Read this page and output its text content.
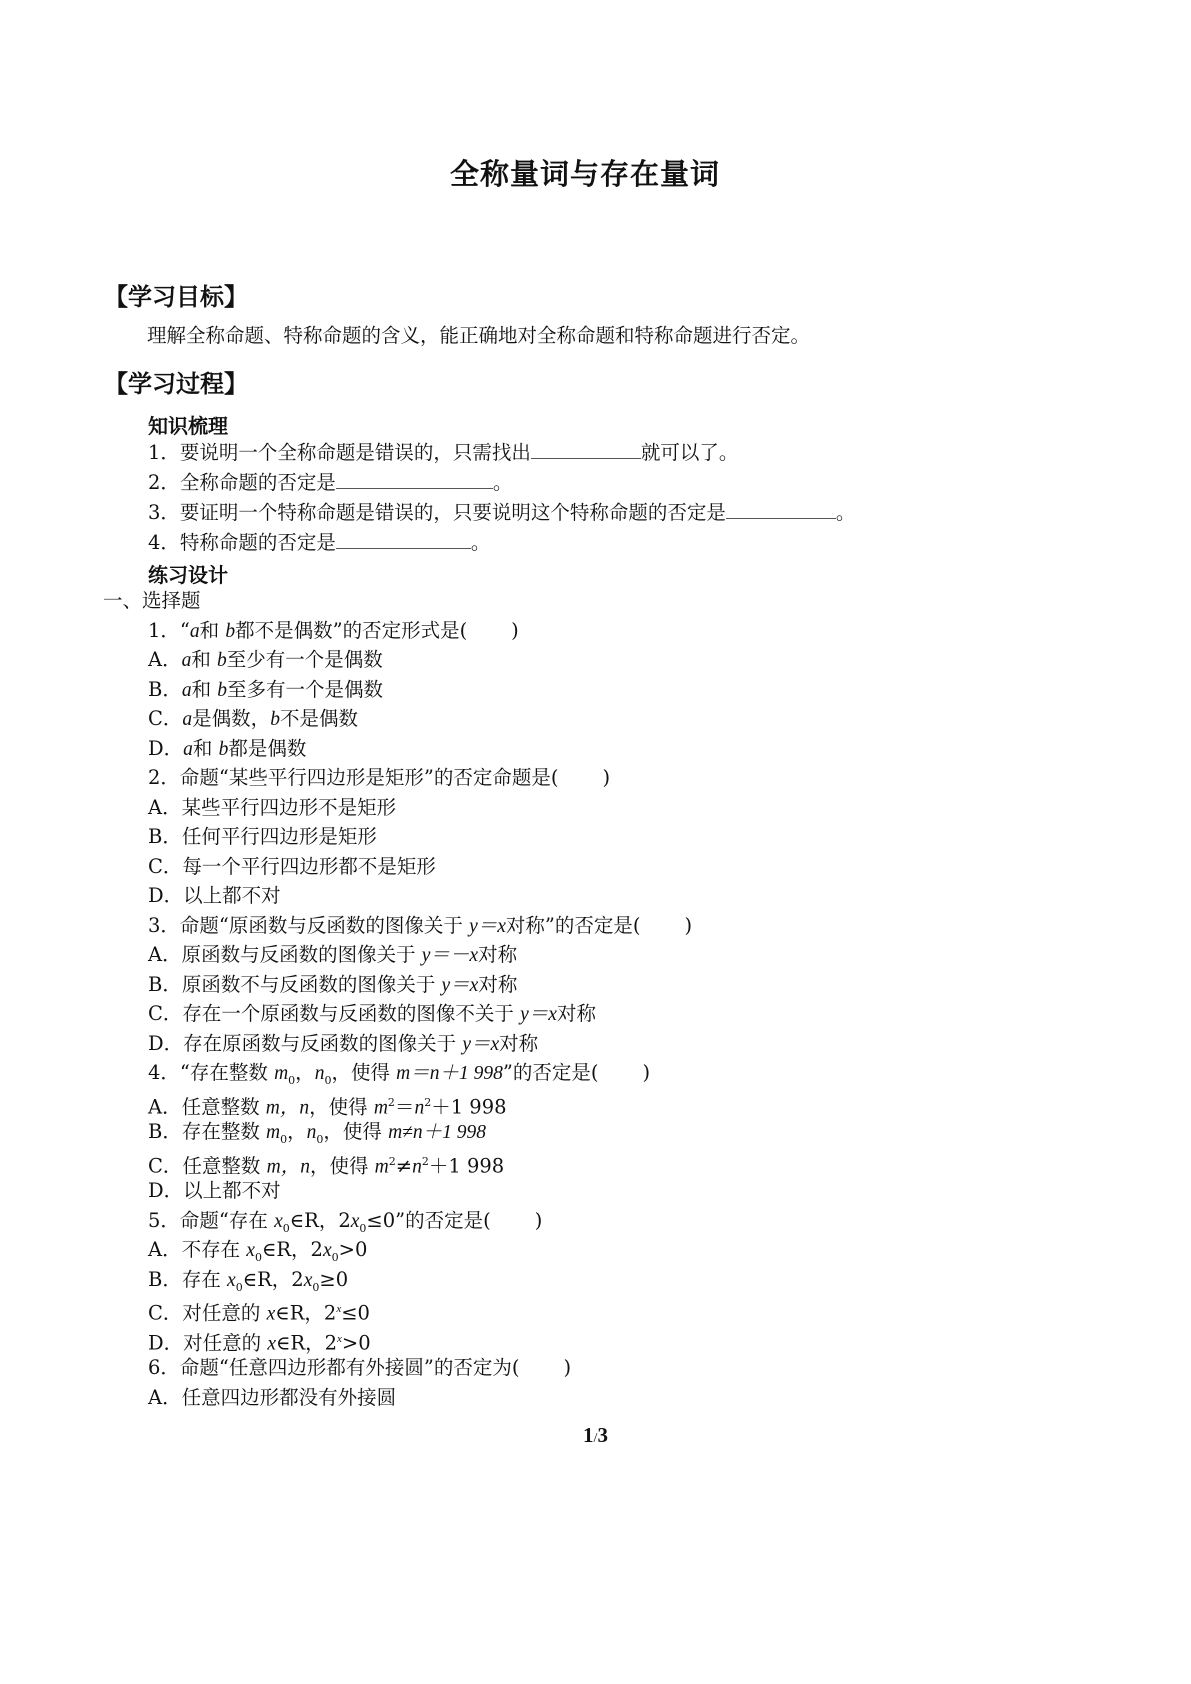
全称量词与存在量词
【学习目标】
理解全称命题、特称命题的含义，能正确地对全称命题和特称命题进行否定。
【学习过程】
知识梳理
1．要说明一个全称命题是错误的，只需找出	就可以了。
2．全称命题的否定是	。
3．要证明一个特称命题是错误的，只要说明这个特称命题的否定是	。
4．特称命题的否定是	。
练习设计
一、选择题
1．“a和 b都不是偶数”的否定形式是( )
A．a和 b至少有一个是偶数
B．a和 b至多有一个是偶数
C．a是偶数，b不是偶数
D．a和 b都是偶数
2．命题“某些平行四边形是矩形”的否定命题是( )
A．某些平行四边形不是矩形
B．任何平行四边形是矩形
C．每一个平行四边形都不是矩形
D．以上都不对
3．命题“原函数与反函数的图像关于 y＝x对称”的否定是( )
A．原函数与反函数的图像关于 y＝－x对称
B．原函数不与反函数的图像关于 y＝x对称
C．存在一个原函数与反函数的图像不关于 y＝x对称
D．存在原函数与反函数的图像关于 y＝x对称
4．“存在整数 $m_0$，$n_0$，使得 m＝n＋1 998”的否定是( )
A．任意整数 m，n，使得 $m^2=n^2+1$ 998
B．存在整数 $m_0$，$n_0$，使得 m≠n＋1 998
C．任意整数 m，n，使得 $m^2\ne n^2+1$ 998
D．以上都不对
5．命题“存在 $x_0\in R$，$2x_0\le 0$”的否定是( )
A．不存在 $x_0\in R$，$2x_0>0$
B．存在 $x_0\in R$，$2x_0\ge 0$
C．对任意的 x∈R，$2^x\le 0$
D．对任意的 x∈R，$2^x>0$
6．命题“任意四边形都有外接圆”的否定为( )
A．任意四边形都没有外接圆
1/3
